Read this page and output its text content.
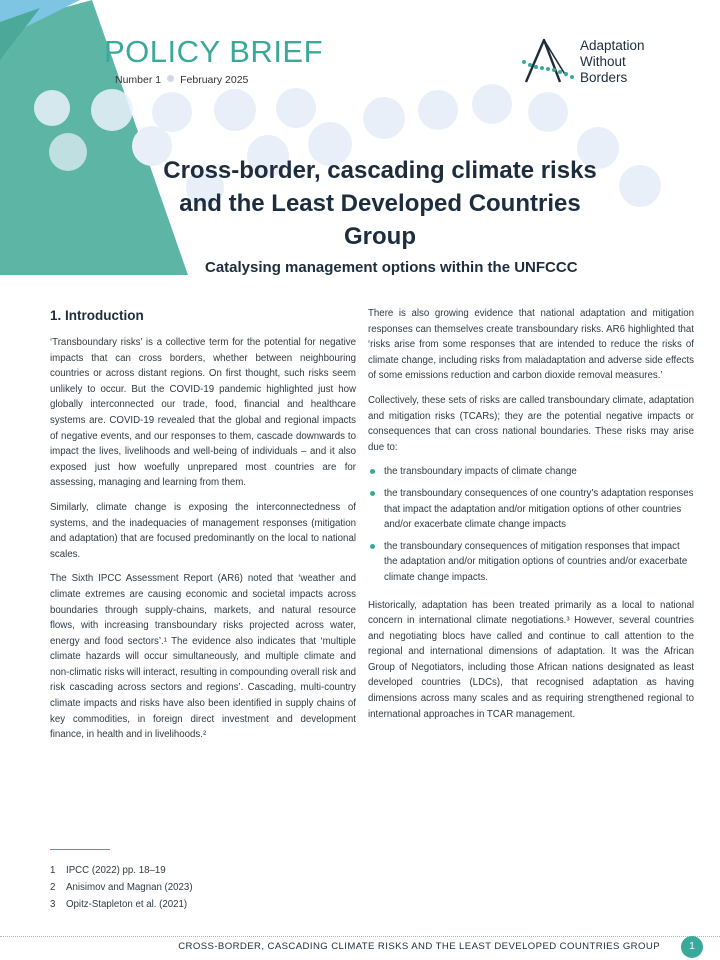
POLICY BRIEF
Number 1 February 2025
Adaptation
Without
Borders
Cross-border, cascading climate risks and the Least Developed Countries Group
Catalysing management options within the UNFCCC
1. Introduction

‘Transboundary risks’ is a collective term for the potential for negative impacts that can cross borders, whether between neighbouring countries or across distant regions. On first thought, such risks seem unlikely to occur. But the COVID-19 pandemic highlighted just how globally interconnected our trade, food, financial and healthcare systems are. COVID-19 revealed that the global and regional impacts of negative events, and our responses to them, cascade downwards to impact the lives, livelihoods and well-being of individuals – and it also exposed just how woefully unprepared most countries are for assessing, managing and learning from them.

Similarly, climate change is exposing the interconnectedness of systems, and the inadequacies of management responses (mitigation and adaptation) that are focused predominantly on the local to national scales.

The Sixth IPCC Assessment Report (AR6) noted that ‘weather and climate extremes are causing economic and societal impacts across boundaries through supply-chains, markets, and natural resource flows, with increasing transboundary risks projected across water, energy and food sectors’.¹ The evidence also indicates that ‘multiple climate hazards will occur simultaneously, and multiple climate and non-climatic risks will interact, resulting in compounding overall risk and risk cascading across sectors and regions’. Cascading, multi-country climate impacts and risks have also been identified in supply chains of key commodities, in foreign direct investment and development finance, in health and in livelihoods.²

There is also growing evidence that national adaptation and mitigation responses can themselves create transboundary risks. AR6 highlighted that ‘risks arise from some responses that are intended to reduce the risks of climate change, including risks from maladaptation and adverse side effects of some emissions reduction and carbon dioxide removal measures.’

Collectively, these sets of risks are called transboundary climate, adaptation and mitigation risks (TCARs); they are the potential negative impacts or consequences that can cross national boundaries. These risks may arise due to:

the transboundary impacts of climate change
the transboundary consequences of one country’s adaptation responses that impact the adaptation and/or mitigation options of other countries and/or exacerbate climate change impacts
the transboundary consequences of mitigation responses that impact the adaptation and/or mitigation options of countries and/or exacerbate climate change impacts.

Historically, adaptation has been treated primarily as a local to national concern in international climate negotiations.³ However, several countries and negotiating blocs have called and continue to call attention to the regional and international dimensions of adaptation. It was the African Group of Negotiators, including those African nations designated as least developed countries (LDCs), that recognised adaptation as having dimensions across many scales and as requiring strengthened regional to international approaches in TCAR management.

1 IPCC (2022) pp. 18–19
2 Anisimov and Magnan (2023)
3 Opitz-Stapleton et al. (2021)
CROSS-BORDER, CASCADING CLIMATE RISKS AND THE LEAST DEVELOPED COUNTRIES GROUP	1
